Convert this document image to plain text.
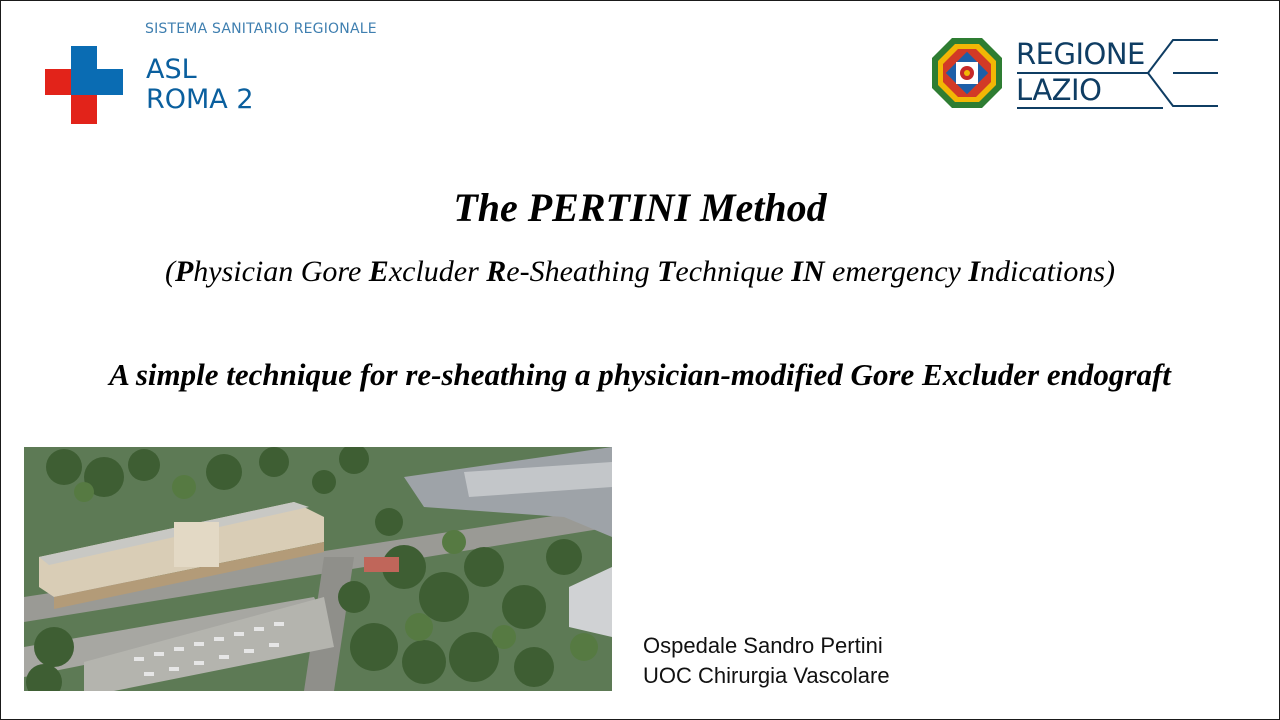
SISTEMA SANITARIO REGIONALE
ASL
ROMA 2
REGIONE
LAZIO
The PERTINI Method
(Physician Gore Excluder Re-Sheathing Technique IN emergency Indications)
A simple technique for re-sheathing a physician-modified Gore Excluder endograft
Ospedale Sandro Pertini
UOC Chirurgia Vascolare
